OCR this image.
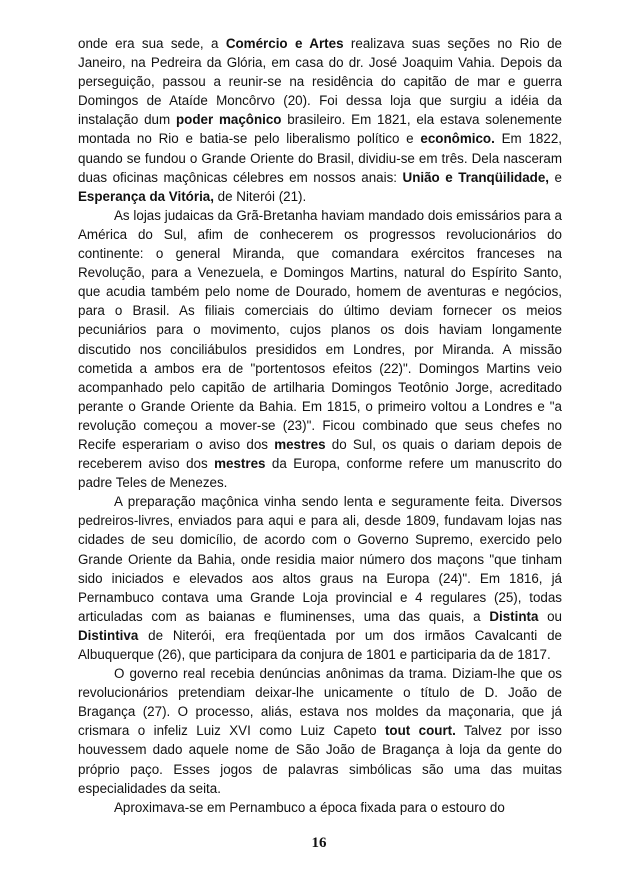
onde era sua sede, a Comércio e Artes realizava suas seções no Rio de Janeiro, na Pedreira da Glória, em casa do dr. José Joaquim Vahia. Depois da perseguição, passou a reunir-se na residência do capitão de mar e guerra Domingos de Ataíde Moncôrvo (20). Foi dessa loja que surgiu a idéia da instalação dum poder maçônico brasileiro. Em 1821, ela estava solenemente montada no Rio e batia-se pelo liberalismo político e econômico. Em 1822, quando se fundou o Grande Oriente do Brasil, dividiu-se em três. Dela nasceram duas oficinas maçônicas célebres em nossos anais: União e Tranqüilidade, e Esperança da Vitória, de Niterói (21).

As lojas judaicas da Grã-Bretanha haviam mandado dois emissários para a América do Sul, afim de conhecerem os progressos revolucionários do continente: o general Miranda, que comandara exércitos franceses na Revolução, para a Venezuela, e Domingos Martins, natural do Espírito Santo, que acudia também pelo nome de Dourado, homem de aventuras e negócios, para o Brasil. As filiais comerciais do último deviam fornecer os meios pecuniários para o movimento, cujos planos os dois haviam longamente discutido nos conciliábulos presididos em Londres, por Miranda. A missão cometida a ambos era de "portentosos efeitos (22)". Domingos Martins veio acompanhado pelo capitão de artilharia Domingos Teotônio Jorge, acreditado perante o Grande Oriente da Bahia. Em 1815, o primeiro voltou a Londres e "a revolução começou a mover-se (23)". Ficou combinado que seus chefes no Recife esperariam o aviso dos mestres do Sul, os quais o dariam depois de receberem aviso dos mestres da Europa, conforme refere um manuscrito do padre Teles de Menezes.

A preparação maçônica vinha sendo lenta e seguramente feita. Diversos pedreiros-livres, enviados para aqui e para ali, desde 1809, fundavam lojas nas cidades de seu domicílio, de acordo com o Governo Supremo, exercido pelo Grande Oriente da Bahia, onde residia maior número dos maçons "que tinham sido iniciados e elevados aos altos graus na Europa (24)". Em 1816, já Pernambuco contava uma Grande Loja provincial e 4 regulares (25), todas articuladas com as baianas e fluminenses, uma das quais, a Distinta ou Distintiva de Niterói, era freqüentada por um dos irmãos Cavalcanti de Albuquerque (26), que participara da conjura de 1801 e participaria da de 1817.

O governo real recebia denúncias anônimas da trama. Diziam-lhe que os revolucionários pretendiam deixar-lhe unicamente o título de D. João de Bragança (27). O processo, aliás, estava nos moldes da maçonaria, que já crismara o infeliz Luiz XVI como Luiz Capeto tout court. Talvez por isso houvessem dado aquele nome de São João de Bragança à loja da gente do próprio paço. Esses jogos de palavras simbólicas são uma das muitas especialidades da seita.

Aproximava-se em Pernambuco a época fixada para o estouro do

16
